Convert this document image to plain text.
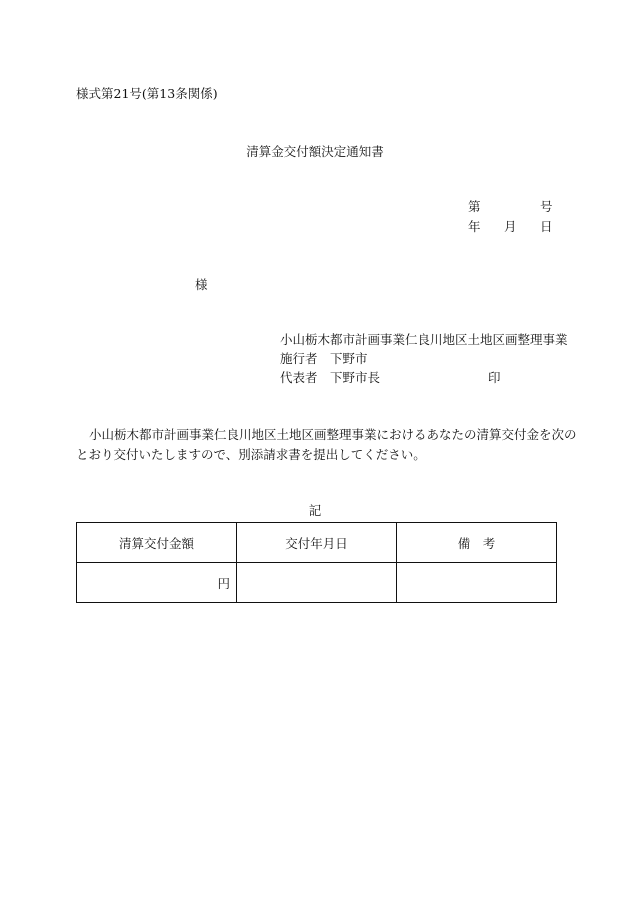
様式第21号(第13条関係)
清算金交付額決定通知書
第	号
年 月 日
様
小山栃木都市計画事業仁良川地区土地区画整理事業
施行者　下野市
代表者　下野市長	印
小山栃木都市計画事業仁良川地区土地区画整理事業におけるあなたの清算交付金を次の
とおり交付いたしますので、別添請求書を提出してください。
記
清算交付金額	交付年月日	備　考
円		
